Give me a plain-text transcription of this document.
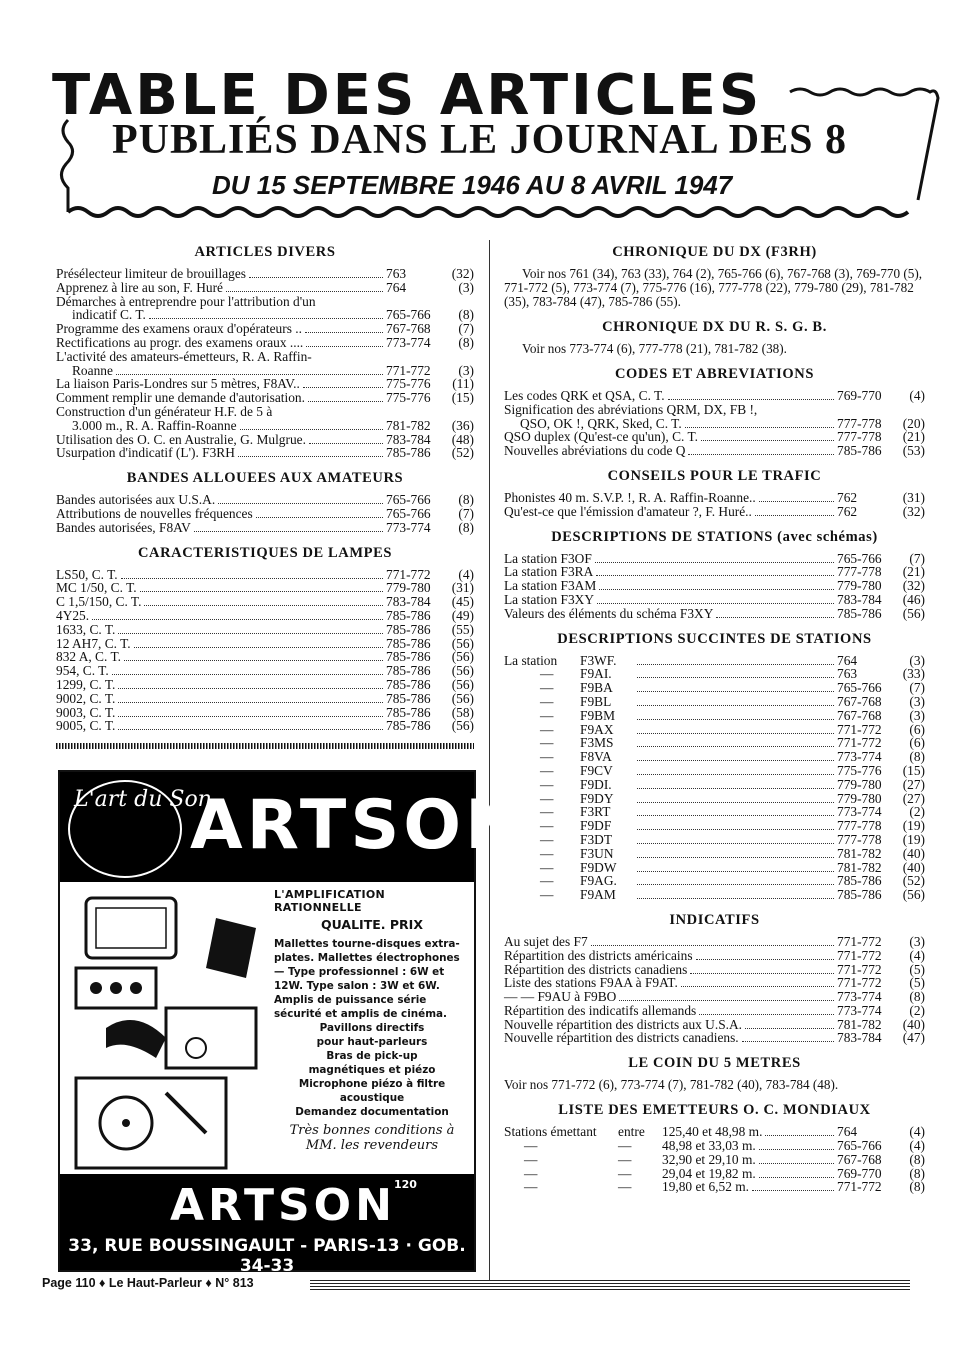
TABLE DES ARTICLES
PUBLIÉS DANS LE JOURNAL DES 8
DU 15 SEPTEMBRE 1946 AU 8 AVRIL 1947
ARTICLES DIVERS
Présélecteur limiteur de brouillages	763	(32)
Apprenez à lire au son, F. Huré	764	(3)
Démarches à entreprendre pour l'attribution d'un
indicatif C. T.	765-766	(8)
Programme des examens oraux d'opérateurs ..	767-768	(7)
Rectifications au progr. des examens oraux ....	773-774	(8)
L'activité des amateurs-émetteurs, R. A. Raffin-
Roanne	771-772	(3)
La liaison Paris-Londres sur 5 mètres, F8AV..	775-776	(11)
Comment remplir une demande d'autorisation.	775-776	(15)
Construction d'un générateur H.F. de 5 à
3.000 m., R. A. Raffin-Roanne	781-782	(36)
Utilisation des O. C. en Australie, G. Mulgrue.	783-784	(48)
Usurpation d'indicatif (L'). F3RH	785-786	(52)
BANDES ALLOUEES AUX AMATEURS
Bandes autorisées aux U.S.A.	765-766	(8)
Attributions de nouvelles fréquences	765-766	(7)
Bandes autorisées, F8AV	773-774	(8)
CARACTERISTIQUES DE LAMPES
LS50, C. T.	771-772	(4)
MC 1/50, C. T.	779-780	(31)
C 1,5/150, C. T.	783-784	(45)
4Y25.	785-786	(49)
1633, C. T.	785-786	(55)
12 AH7, C. T.	785-786	(56)
832 A, C. T.	785-786	(56)
954, C. T.	785-786	(56)
1299, C. T.	785-786	(56)
9002, C. T.	785-786	(56)
9003, C. T.	785-786	(58)
9005, C. T.	785-786	(56)
L'art du Son
ARTSON
L'AMPLIFICATION RATIONNELLE
QUALITE. PRIX
Mallettes tourne-disques extra-plates. Mallettes électrophones — Type professionnel : 6W et 12W. Type salon : 3W et 6W. Amplis de puissance série sécurité et amplis de cinéma.
Pavillons directifs
pour haut-parleurs
Bras de pick-up
magnétiques et piézo
Microphone piézo à filtre
acoustique
Demandez documentation
Très bonnes conditions à MM. les revendeurs
ARTSON
120
33, RUE BOUSSINGAULT - PARIS-13 · GOB. 34-33
CHRONIQUE DU DX (F3RH)
Voir nos 761 (34), 763 (33), 764 (2), 765-766 (6), 767-768 (3), 769-770 (5), 771-772 (5), 773-774 (7), 775-776 (16), 777-778 (22), 779-780 (29), 781-782 (35), 783-784 (47), 785-786 (55).
CHRONIQUE DX DU R. S. G. B.
Voir nos 773-774 (6), 777-778 (21), 781-782 (38).
CODES ET ABREVIATIONS
Les codes QRK et QSA, C. T.	769-770	(4)
Signification des abréviations QRM, DX, FB !,
QSO, OK !, QRK, Sked, C. T.	777-778	(20)
QSO duplex (Qu'est-ce qu'un), C. T.	777-778	(21)
Nouvelles abréviations du code Q	785-786	(53)
CONSEILS POUR LE TRAFIC
Phonistes 40 m. S.V.P. !, R. A. Raffin-Roanne..	762	(31)
Qu'est-ce que l'émission d'amateur ?, F. Huré..	762	(32)
DESCRIPTIONS DE STATIONS (avec schémas)
La station F3OF	765-766	(7)
La station F3RA	777-778	(21)
La station F3AM	779-780	(32)
La station F3XY	783-784	(46)
Valeurs des éléments du schéma F3XY	785-786	(56)
DESCRIPTIONS SUCCINTES DE STATIONS
La station	F3WF.	764	(3)
—	F9AI.	763	(33)
—	F9BA	765-766	(7)
—	F9BL	767-768	(3)
—	F9BM	767-768	(3)
—	F9AX	771-772	(6)
—	F3MS	771-772	(6)
—	F8VA	773-774	(8)
—	F9CV	775-776	(15)
—	F9DI.	779-780	(27)
—	F9DY	779-780	(27)
—	F3RT	773-774	(2)
—	F9DF	777-778	(19)
—	F3DT	777-778	(19)
—	F3UN	781-782	(40)
—	F9DW	781-782	(40)
—	F9AG.	785-786	(52)
—	F9AM	785-786	(56)
INDICATIFS
Au sujet des F7	771-772	(3)
Répartition des districts américains	771-772	(4)
Répartition des districts canadiens	771-772	(5)
Liste des stations F9AA à F9AT.	771-772	(5)
— — F9AU à F9BO	773-774	(8)
Répartition des indicatifs allemands	773-774	(2)
Nouvelle répartition des districts aux U.S.A.	781-782	(40)
Nouvelle répartition des districts canadiens.	783-784	(47)
LE COIN DU 5 METRES
Voir nos 771-772 (6), 773-774 (7), 781-782 (40), 783-784 (48).
LISTE DES EMETTEURS O. C. MONDIAUX
Stations émettant	entre	125,40 et 48,98 m.	764	(4)
—	—	48,98 et 33,03 m.	765-766	(4)
—	—	32,90 et 29,10 m.	767-768	(8)
—	—	29,04 et 19,82 m.	769-770	(8)
—	—	19,80 et 6,52 m.	771-772	(8)
Page 110 ♦ Le Haut-Parleur ♦ N° 813
